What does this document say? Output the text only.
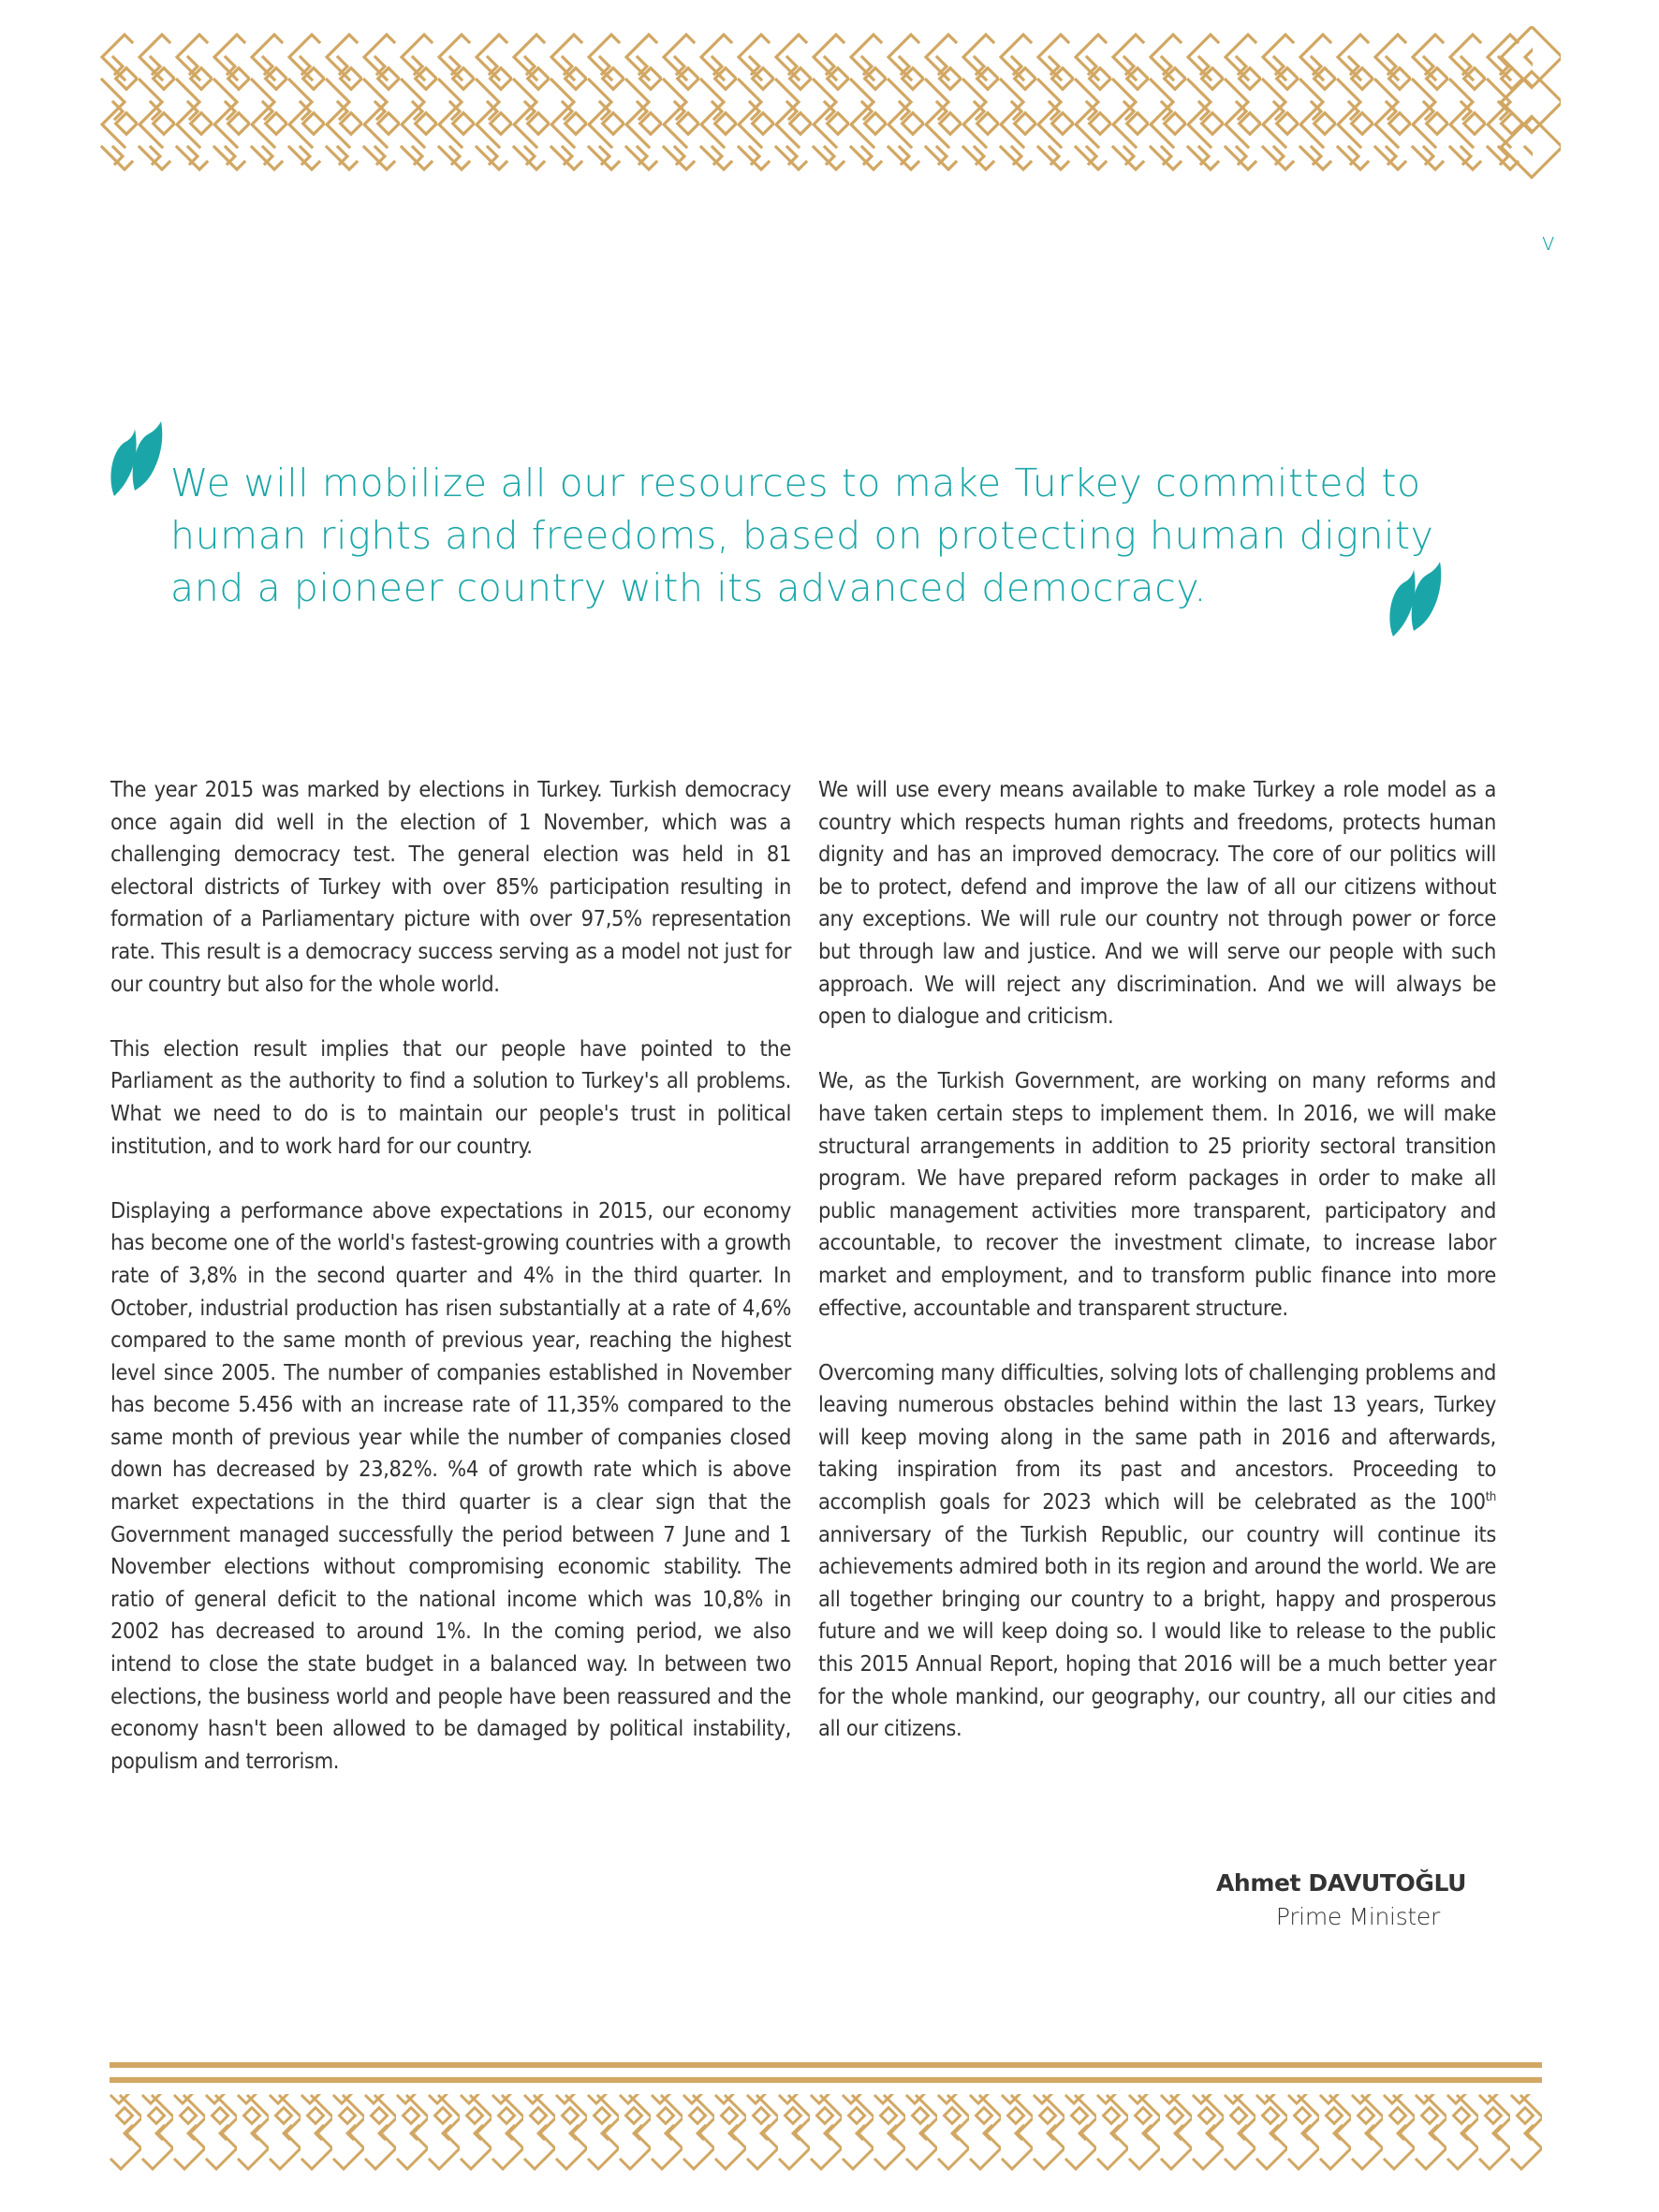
v
We will mobilize all our resources to make Turkey committed to
human rights and freedoms, based on protecting human dignity
and a pioneer country with its advanced democracy.

The year 2015 was marked by elections in Turkey. Turkish democracy once again did well in the election of 1 November, which was a challenging democracy test. The general election was held in 81 electoral districts of Turkey with over 85% participation resulting in formation of a Parliamentary picture with over 97,5% representation rate. This result is a democracy success serving as a model not just for our country but also for the whole world.

This election result implies that our people have pointed to the Parliament as the authority to find a solution to Turkey's all problems. What we need to do is to maintain our people's trust in political institution, and to work hard for our country.

Displaying a performance above expectations in 2015, our economy has become one of the world's fastest-growing countries with a growth rate of 3,8% in the second quarter and 4% in the third quarter. In October, industrial production has risen substantially at a rate of 4,6% compared to the same month of previous year, reaching the highest level since 2005. The number of companies established in November has become 5.456 with an increase rate of 11,35% compared to the same month of previous year while the number of companies closed down has decreased by 23,82%. %4 of growth rate which is above market expectations in the third quarter is a clear sign that the Government managed successfully the period between 7 June and 1 November elections without compromising economic stability. The ratio of general deficit to the national income which was 10,8% in 2002 has decreased to around 1%. In the coming period, we also intend to close the state budget in a balanced way. In between two elections, the business world and people have been reassured and the economy hasn't been allowed to be damaged by political instability, populism and terrorism.

We will use every means available to make Turkey a role model as a country which respects human rights and freedoms, protects human dignity and has an improved democracy. The core of our politics will be to protect, defend and improve the law of all our citizens without any exceptions. We will rule our country not through power or force but through law and justice. And we will serve our people with such approach. We will reject any discrimination. And we will always be open to dialogue and criticism.

We, as the Turkish Government, are working on many reforms and have taken certain steps to implement them. In 2016, we will make structural arrangements in addition to 25 priority sectoral transition program. We have prepared reform packages in order to make all public management activities more transparent, participatory and accountable, to recover the investment climate, to increase labor market and employment, and to transform public finance into more effective, accountable and transparent structure.

Overcoming many difficulties, solving lots of challenging problems and leaving numerous obstacles behind within the last 13 years, Turkey will keep moving along in the same path in 2016 and afterwards, taking inspiration from its past and ancestors. Proceeding to accomplish goals for 2023 which will be celebrated as the 100th anniversary of the Turkish Republic, our country will continue its achievements admired both in its region and around the world. We are all together bringing our country to a bright, happy and prosperous future and we will keep doing so. I would like to release to the public this 2015 Annual Report, hoping that 2016 will be a much better year for the whole mankind, our geography, our country, all our cities and all our citizens.

Ahmet DAVUTOĞLU
Prime Minister
